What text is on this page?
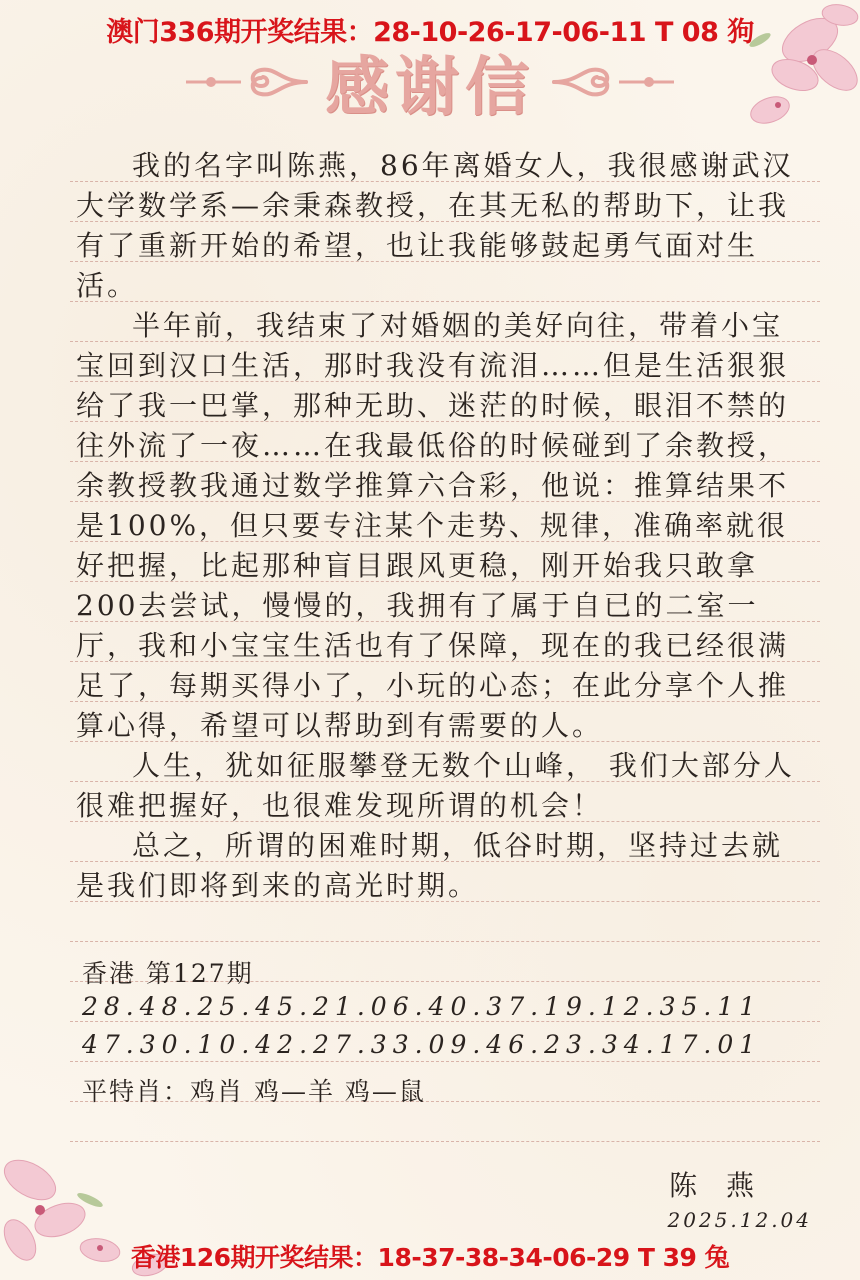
澳门336期开奖结果：28-10-26-17-06-11 T 08 狗
感谢信

我的名字叫陈燕，86年离婚女人，我很感谢武汉大学数学系—余秉森教授，在其无私的帮助下，让我有了重新开始的希望，也让我能够鼓起勇气面对生活。

半年前，我结束了对婚姻的美好向往，带着小宝宝回到汉口生活，那时我没有流泪……但是生活狠狠给了我一巴掌，那种无助、迷茫的时候，眼泪不禁的往外流了一夜……在我最低俗的时候碰到了余教授，余教授教我通过数学推算六合彩，他说：推算结果不是100%，但只要专注某个走势、规律，准确率就很好把握，比起那种盲目跟风更稳，刚开始我只敢拿200去尝试，慢慢的，我拥有了属于自已的二室一厅，我和小宝宝生活也有了保障，现在的我已经很满足了，每期买得小了，小玩的心态；在此分享个人推算心得，希望可以帮助到有需要的人。

人生，犹如征服攀登无数个山峰， 我们大部分人很难把握好，也很难发现所谓的机会！

总之，所谓的困难时期，低谷时期，坚持过去就是我们即将到来的高光时期。

香港 第127期
28.48.25.45.21.06.40.37.19.12.35.11
47.30.10.42.27.33.09.46.23.34.17.01
平特肖：鸡肖 鸡—羊 鸡—鼠
陈 燕
2025.12.04
香港126期开奖结果：18-37-38-34-06-29 T 39 兔
